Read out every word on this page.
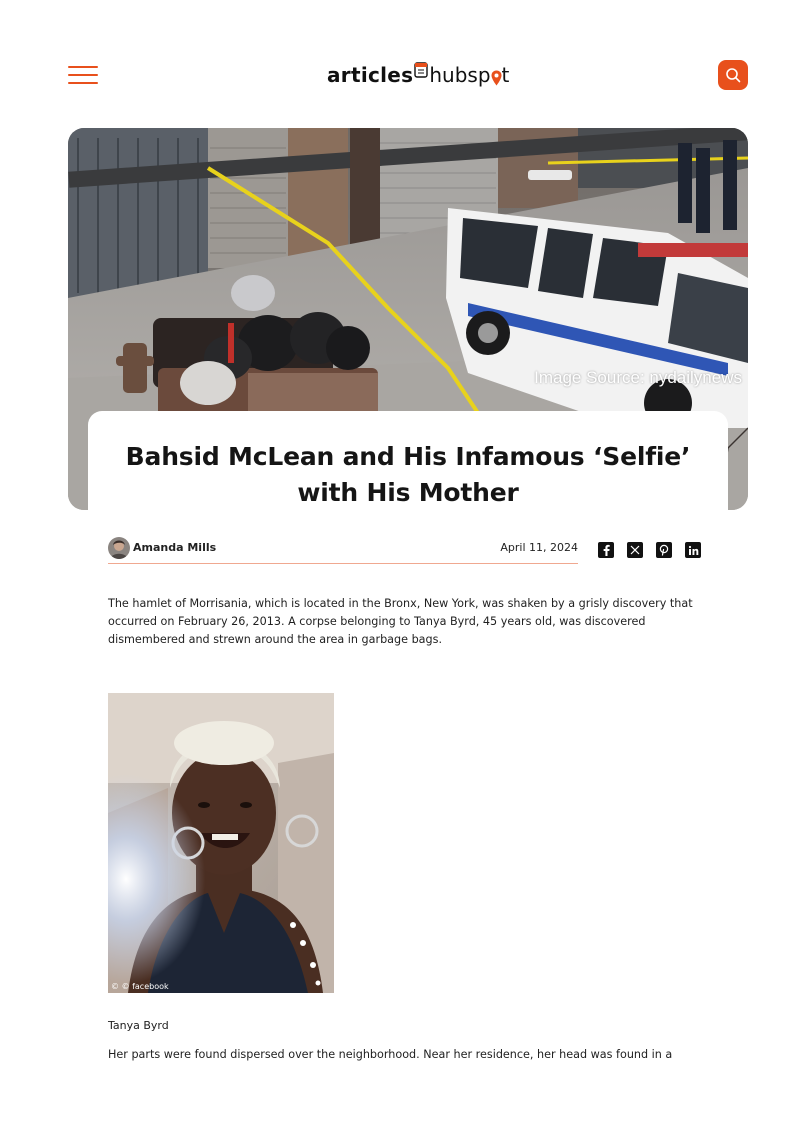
articles hubsp t
Image Source: nydailynews
Bahsid McLean and His Infamous ‘Selfie’ with His Mother
Amanda Mills	April 11, 2024

The hamlet of Morrisania, which is located in the Bronx, New York, was shaken by a grisly discovery that occurred on February 26, 2013. A corpse belonging to Tanya Byrd, 45 years old, was discovered dismembered and strewn around the area in garbage bags.

© © facebook
Tanya Byrd

Her parts were found dispersed over the neighborhood. Near her residence, her head was found in a
